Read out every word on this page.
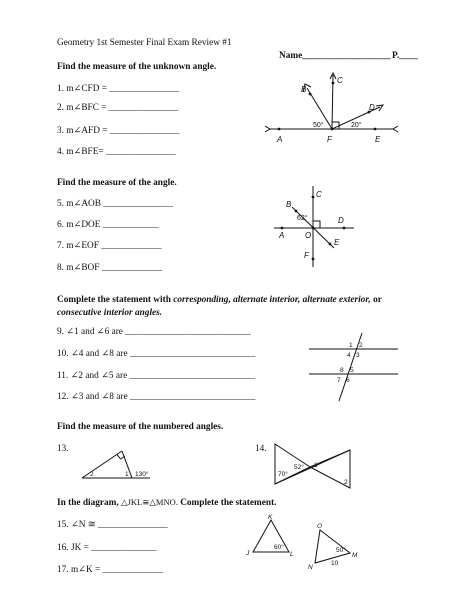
Geometry 1st Semester Final Exam Review #1
Name___________________ P.____
Find the measure of the unknown angle.
1. m∠CFD = _______________
2. m∠BFC = _______________
3. m∠AFD = _______________
4. m∠BFE= _______________
A
B
C
D
E
F
50°	20°
Find the measure of the angle.
5. m∠AOB _______________
6. m∠DOE ____________
7. m∠EOF _____________
8. m∠BOF _____________
A
B
C
D
E
F
O
62°
Complete the statement with corresponding, alternate interior, alternate exterior, or
consecutive interior angles.
9. ∠1 and ∠6 are ___________________________
10. ∠4 and ∠8 are ___________________________
11. ∠2 and ∠5 are ___________________________
12. ∠3 and ∠8 are ___________________________
1 2
4 3
8 5
7 6
Find the measure of the numbered angles.
13.	14.
2	1 130°
52°
70°
1
2
In the diagram, △JKL≅△MNO. Complete the statement.
15. ∠N ≅ _______________
16. JK = ______________
17. m∠K = _____________
K
J	L
60°
O
N
M
50°
10
